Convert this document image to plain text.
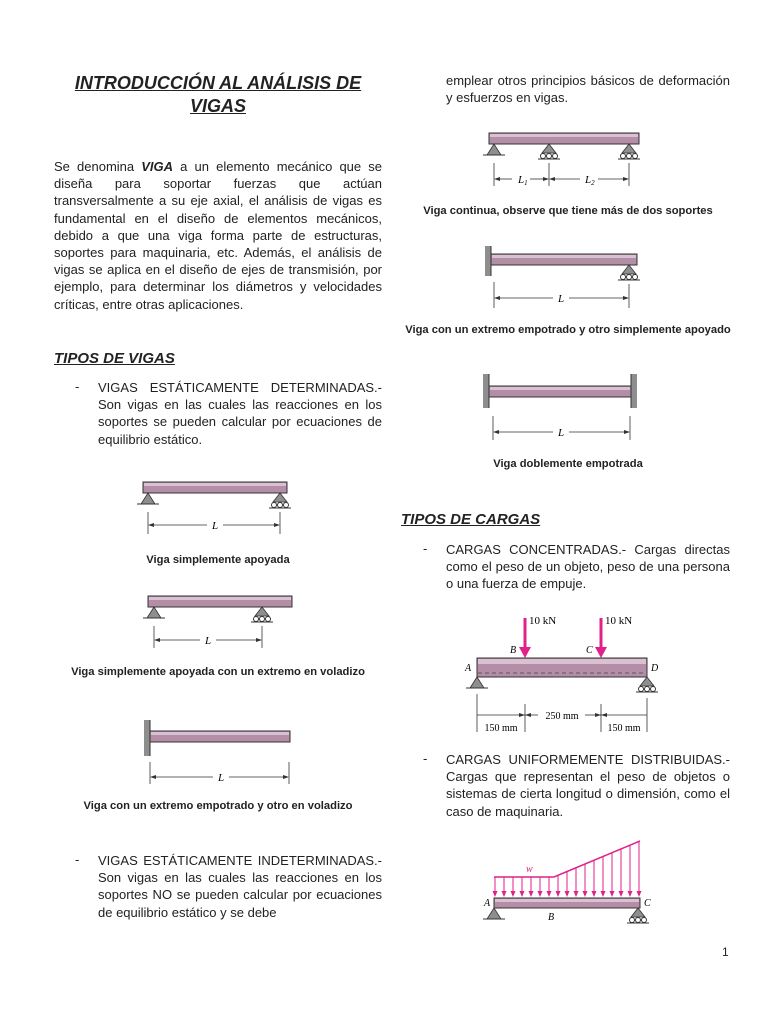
INTRODUCCIÓN AL ANÁLISIS DE VIGAS
Se denomina VIGA a un elemento mecánico que se diseña para soportar fuerzas que actúan transversalmente a su eje axial, el análisis de vigas es fundamental en el diseño de elementos mecánicos, debido a que una viga forma parte de estructuras, soportes para maquinaria, etc. Además, el análisis de vigas se aplica en el diseño de ejes de transmisión, por ejemplo, para determinar los diámetros y velocidades críticas, entre otras aplicaciones.
TIPOS DE VIGAS
- VIGAS ESTÁTICAMENTE DETERMINADAS.- Son vigas en las cuales las reacciones en los soportes se pueden calcular por ecuaciones de equilibrio estático.
L
Viga simplemente apoyada
L
Viga simplemente apoyada con un extremo en voladizo
L
Viga con un extremo empotrado y otro en voladizo
- VIGAS ESTÁTICAMENTE INDETERMINADAS.- Son vigas en las cuales las reacciones en los soportes NO se pueden calcular por ecuaciones de equilibrio estático y se debe
emplear otros principios básicos de deformación y esfuerzos en vigas.
L1	L2
Viga continua, observe que tiene más de dos soportes
L
Viga con un extremo empotrado y otro simplemente apoyado
L
Viga doblemente empotrada
TIPOS DE CARGAS
- CARGAS CONCENTRADAS.- Cargas directas como el peso de un objeto, peso de una persona o una fuerza de empuje.
10 kN	10 kN
B	C
A	D
150 mm
250 mm
150 mm
- CARGAS UNIFORMEMENTE DISTRIBUIDAS.- Cargas que representan el peso de objetos o sistemas de cierta longitud o dimensión, como el caso de maquinaria.
w
A	C
B
1
